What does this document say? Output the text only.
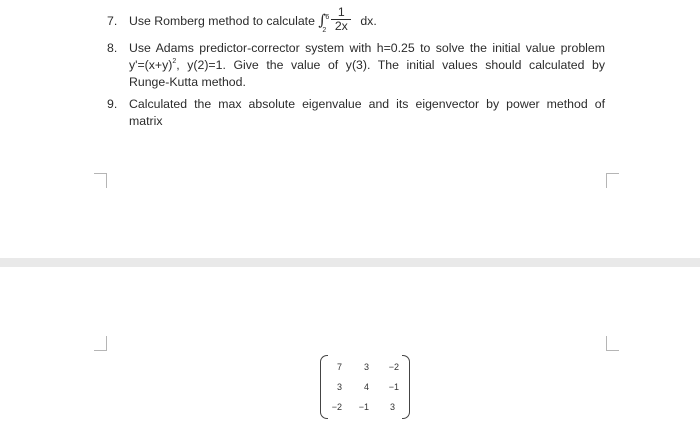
7. Use Romberg method to calculate ∫ 6
2
1
2x	dx.
8. Use Adams predictor-corrector system with h=0.25 to solve the initial value problem
$y'=(x+y)^2$, y(2)=1. Give the value of y(3). The initial values should calculated by
Runge-Kutta method.
9. Calculated the max absolute eigenvalue and its eigenvector by power method of
matrix
7	3	−2
3	4	−1
−2	−1	3
